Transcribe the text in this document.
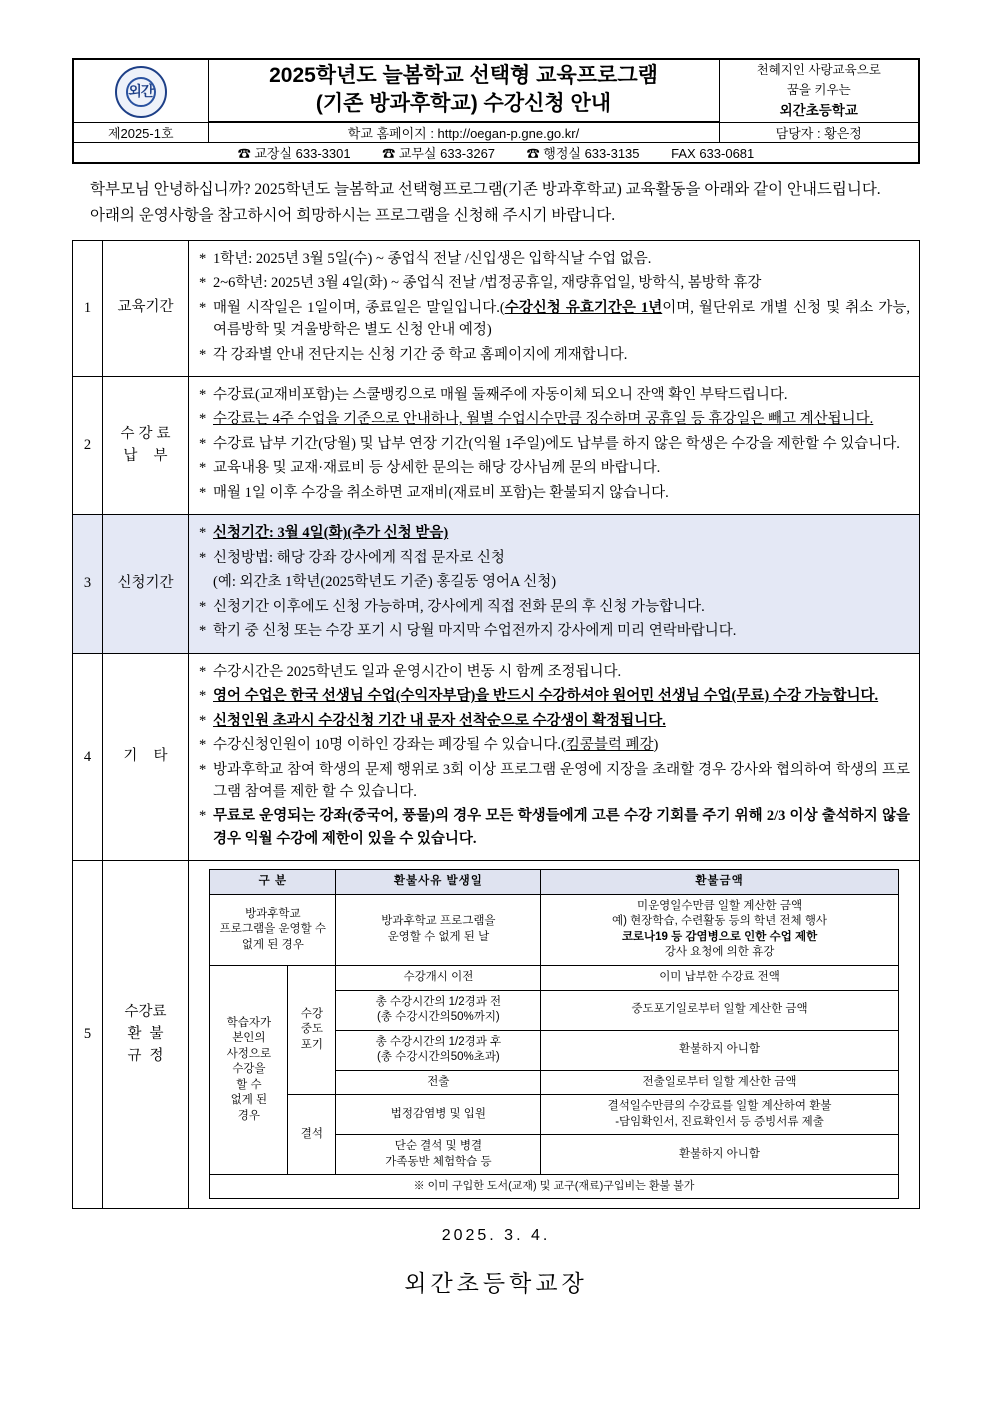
외간

2025학년도 늘봄학교 선택형 교육프로그램
(기존 방과후학교) 수강신청 안내

천혜지인 사랑교육으로
꿈을 키우는
외간초등학교

제2025-1호	학교 홈페이지 : http://oegan-p.gne.go.kr/	담당자 : 황은정
☎ 교장실 633-3301 ☎ 교무실 633-3267 ☎ 행정실 633-3135 FAX 633-0681		

학부모님 안녕하십니까? 2025학년도 늘봄학교 선택형프로그램(기존 방과후학교) 교육활동을 아래와 같이 안내드립니다.

아래의 운영사항을 참고하시어 희망하시는 프로그램을 신청해 주시기 바랍니다.

1	교육기간	
* 1학년: 2025년 3월 5일(수) ~ 종업식 전날 /신입생은 입학식날 수업 없음.
* 2~6학년: 2025년 3월 4일(화) ~ 종업식 전날 /법정공휴일, 재량휴업일, 방학식, 봄방학 휴강
* 매월 시작일은 1일이며, 종료일은 말일입니다.(수강신청 유효기간은 1년이며, 월단위로 개별 신청 및 취소 가능, 여름방학 및 겨울방학은 별도 신청 안내 예정)
* 각 강좌별 안내 전단지는 신청 기간 중 학교 홈페이지에 게재합니다.

2	수 강 료
납    부	
* 수강료(교재비포함)는 스쿨뱅킹으로 매월 둘째주에 자동이체 되오니 잔액 확인 부탁드립니다.
* 수강료는 4주 수업을 기준으로 안내하나, 월별 수업시수만큼 징수하며 공휴일 등 휴강일은 빼고 계산됩니다.
* 수강료 납부 기간(당월) 및 납부 연장 기간(익월 1주일)에도 납부를 하지 않은 학생은 수강을 제한할 수 있습니다.
* 교육내용 및 교재·재료비 등 상세한 문의는 해당 강사님께 문의 바랍니다.
* 매월 1일 이후 수강을 취소하면 교재비(재료비 포함)는 환불되지 않습니다.

3	신청기간	
* 신청기간: 3월 4일(화)(추가 신청 받음)
* 신청방법: 해당 강좌 강사에게 직접 문자로 신청
(예: 외간초 1학년(2025학년도 기준) 홍길동 영어A 신청)
* 신청기간 이후에도 신청 가능하며, 강사에게 직접 전화 문의 후 신청 가능합니다.
* 학기 중 신청 또는 수강 포기 시 당월 마지막 수업전까지 강사에게 미리 연락바랍니다.

4	기    타	
* 수강시간은 2025학년도 일과 운영시간이 변동 시 함께 조정됩니다.
* 영어 수업은 한국 선생님 수업(수익자부담)을 반드시 수강하셔야 원어민 선생님 수업(무료) 수강 가능합니다.
* 신청인원 초과시 수강신청 기간 내 문자 선착순으로 수강생이 확정됩니다.
* 수강신청인원이 10명 이하인 강좌는 폐강될 수 있습니다.(킴콩블럭 폐강)
* 방과후학교 참여 학생의 문제 행위로 3회 이상 프로그램 운영에 지장을 초래할 경우 강사와 협의하여 학생의 프로그램 참여를 제한 할 수 있습니다.
* 무료로 운영되는 강좌(중국어, 풍물)의 경우 모든 학생들에게 고른 수강 기회를 주기 위해 2/3 이상 출석하지 않을 경우 익월 수강에 제한이 있을 수 있습니다.

5	수강료
환  불
규  정	
구 분	환불사유 발생일	환불금액
방과후학교
프로그램을 운영할 수
없게 된 경우	방과후학교 프로그램을
운영할 수 없게 된 날	미운영일수만큼 일할 계산한 금액
예) 현장학습, 수련활동 등의 학년 전체 행사
코로나19 등 감염병으로 인한 수업 제한
강사 요청에 의한 휴강
학습자가
본인의
사정으로
수강을
할 수
없게 된
경우	수강
중도
포기	수강개시 이전	이미 납부한 수강료 전액
총 수강시간의 1/2경과 전
(총 수강시간의50%까지)	중도포기일로부터 일할 계산한 금액
총 수강시간의 1/2경과 후
(총 수강시간의50%초과)	환불하지 아니함
전출	전출일로부터 일할 계산한 금액
결석	법정감염병 및 입원	결석일수만큼의 수강료를 일할 계산하여 환불
-담임확인서, 진료확인서 등 증빙서류 제출
단순 결석 및 병결
가족동반 체험학습 등	환불하지 아니함
※ 이미 구입한 도서(교재) 및 교구(재료)구입비는 환불 불가
2025. 3. 4.
외간초등학교장
